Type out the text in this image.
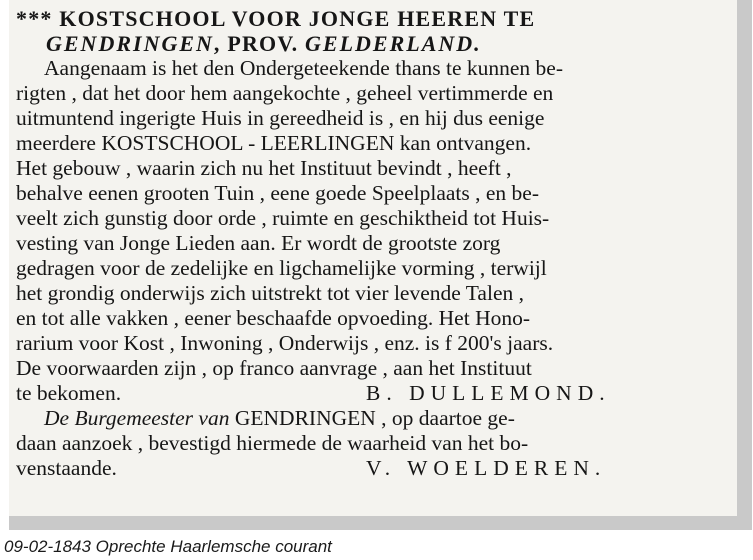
*** KOSTSCHOOL VOOR JONGE HEEREN TE
GENDRINGEN, PROV. GELDERLAND.
Aangenaam is het den Ondergeteekende thans te kunnen be-
rigten , dat het door hem aangekochte , geheel vertimmerde en
uitmuntend ingerigte Huis in gereedheid is , en hij dus eenige
meerdere KOSTSCHOOL - LEERLINGEN kan ontvangen.
Het gebouw , waarin zich nu het Instituut bevindt , heeft ,
behalve eenen grooten Tuin , eene goede Speelplaats , en be-
veelt zich gunstig door orde , ruimte en geschiktheid tot Huis-
vesting van Jonge Lieden aan. Er wordt de grootste zorg
gedragen voor de zedelijke en ligchamelijke vorming , terwijl
het grondig onderwijs zich uitstrekt tot vier levende Talen ,
en tot alle vakken , eener beschaafde opvoeding. Het Hono-
rarium voor Kost , Inwoning , Onderwijs , enz. is f 200's jaars.
De voorwaarden zijn , op franco aanvrage , aan het Instituut
te bekomen.	B. DULLEMOND.
De Burgemeester van GENDRINGEN , op daartoe ge-
daan aanzoek , bevestigd hiermede de waarheid van het bo-
venstaande.	V. WOELDEREN.
09-02-1843 Oprechte Haarlemsche courant
